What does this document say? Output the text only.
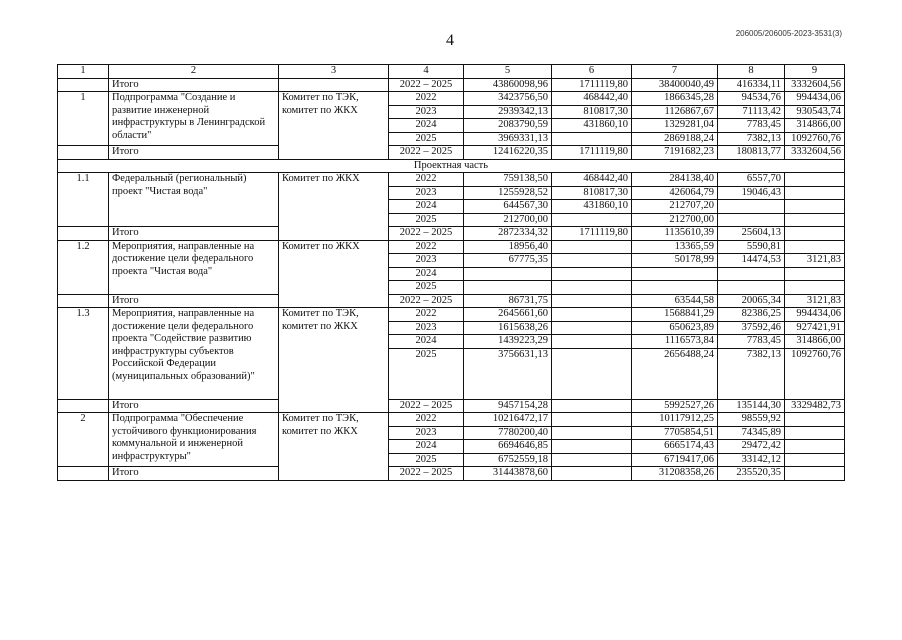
4	206005/206005-2023-3531(3)
1	2	3	4	5	6	7	8	9
	Итого		2022 – 2025	43860098,96	1711119,80	38400040,49	416334,11	3332604,56
1	Подпрограмма "Создание и развитие инженерной инфраструктуры в Ленинградской области"	Комитет по ТЭК, комитет по ЖКХ	2022	3423756,50	468442,40	1866345,28	94534,76	994434,06
			2023	2939342,13	810817,30	1126867,67	71113,42	930543,74
			2024	2083790,59	431860,10	1329281,04	7783,45	314866,00
			2025	3969331,13		2869188,24	7382,13	1092760,76
	Итого		2022 – 2025	12416220,35	1711119,80	7191682,23	180813,77	3332604,56
Проектная часть								
1.1	Федеральный (региональный) проект "Чистая вода"	Комитет по ЖКХ	2022	759138,50	468442,40	284138,40	6557,70	
			2023	1255928,52	810817,30	426064,79	19046,43	
			2024	644567,30	431860,10	212707,20		
			2025	212700,00		212700,00		
	Итого		2022 – 2025	2872334,32	1711119,80	1135610,39	25604,13	
1.2	Мероприятия, направленные на достижение цели федерального проекта "Чистая вода"	Комитет по ЖКХ	2022	18956,40		13365,59	5590,81	
			2023	67775,35		50178,99	14474,53	3121,83
			2024					
			2025					
	Итого		2022 – 2025	86731,75		63544,58	20065,34	3121,83
1.3	Мероприятия, направленные на достижение цели федерального проекта "Содействие развитию инфраструктуры субъектов Российской Федерации (муниципальных образований)"	Комитет по ТЭК, комитет по ЖКХ	2022	2645661,60		1568841,29	82386,25	994434,06
			2023	1615638,26		650623,89	37592,46	927421,91
			2024	1439223,29		1116573,84	7783,45	314866,00
			2025	3756631,13		2656488,24	7382,13	1092760,76
	Итого		2022 – 2025	9457154,28		5992527,26	135144,30	3329482,73
2	Подпрограмма "Обеспечение устойчивого функционирования коммунальной и инженерной инфраструктуры"	Комитет по ТЭК, комитет по ЖКХ	2022	10216472,17		10117912,25	98559,92	
			2023	7780200,40		7705854,51	74345,89	
			2024	6694646,85		6665174,43	29472,42	
			2025	6752559,18		6719417,06	33142,12	
	Итого		2022 – 2025	31443878,60		31208358,26	235520,35	
